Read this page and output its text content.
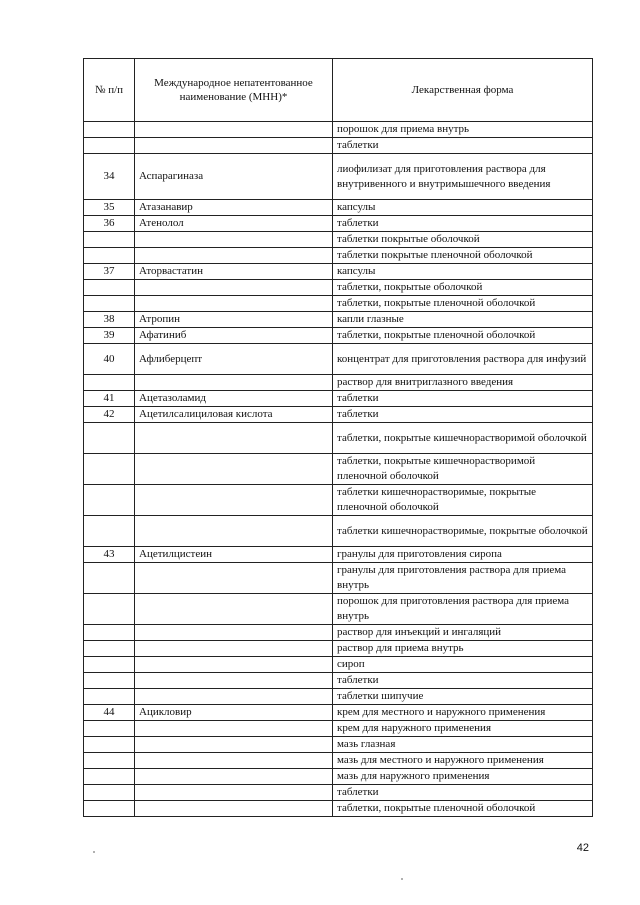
№ п/п	Международное непатентованное наименование (МНН)*	Лекарственная форма
		порошок для приема внутрь
		таблетки
34	Аспарагиназа	лиофилизат для приготовления раствора для внутривенного и внутримышечного введения
35	Атазанавир	капсулы
36	Атенолол	таблетки
		таблетки покрытые оболочкой
		таблетки покрытые пленочной оболочкой
37	Аторвастатин	капсулы
		таблетки, покрытые оболочкой
		таблетки, покрытые пленочной оболочкой
38	Атропин	капли глазные
39	Афатиниб	таблетки, покрытые пленочной оболочкой
40	Афлиберцепт	концентрат для приготовления раствора для инфузий
		раствор для внитриглазного введения
41	Ацетазоламид	таблетки
42	Ацетилсалициловая кислота	таблетки
		таблетки, покрытые кишечнорастворимой оболочкой
		таблетки, покрытые кишечнорастворимой пленочной оболочкой
		таблетки кишечнорастворимые, покрытые пленочной оболочкой
		таблетки кишечнорастворимые, покрытые оболочкой
43	Ацетилцистеин	гранулы для приготовления сиропа
		гранулы для приготовления раствора для приема внутрь
		порошок для приготовления раствора для приема внутрь
		раствор для инъекций и ингаляций
		раствор для приема внутрь
		сироп
		таблетки
		таблетки шипучие
44	Ацикловир	крем для местного и наружного применения
		крем для наружного применения
		мазь глазная
		мазь для местного и наружного применения
		мазь для наружного применения
		таблетки
		таблетки, покрытые пленочной оболочкой
42
